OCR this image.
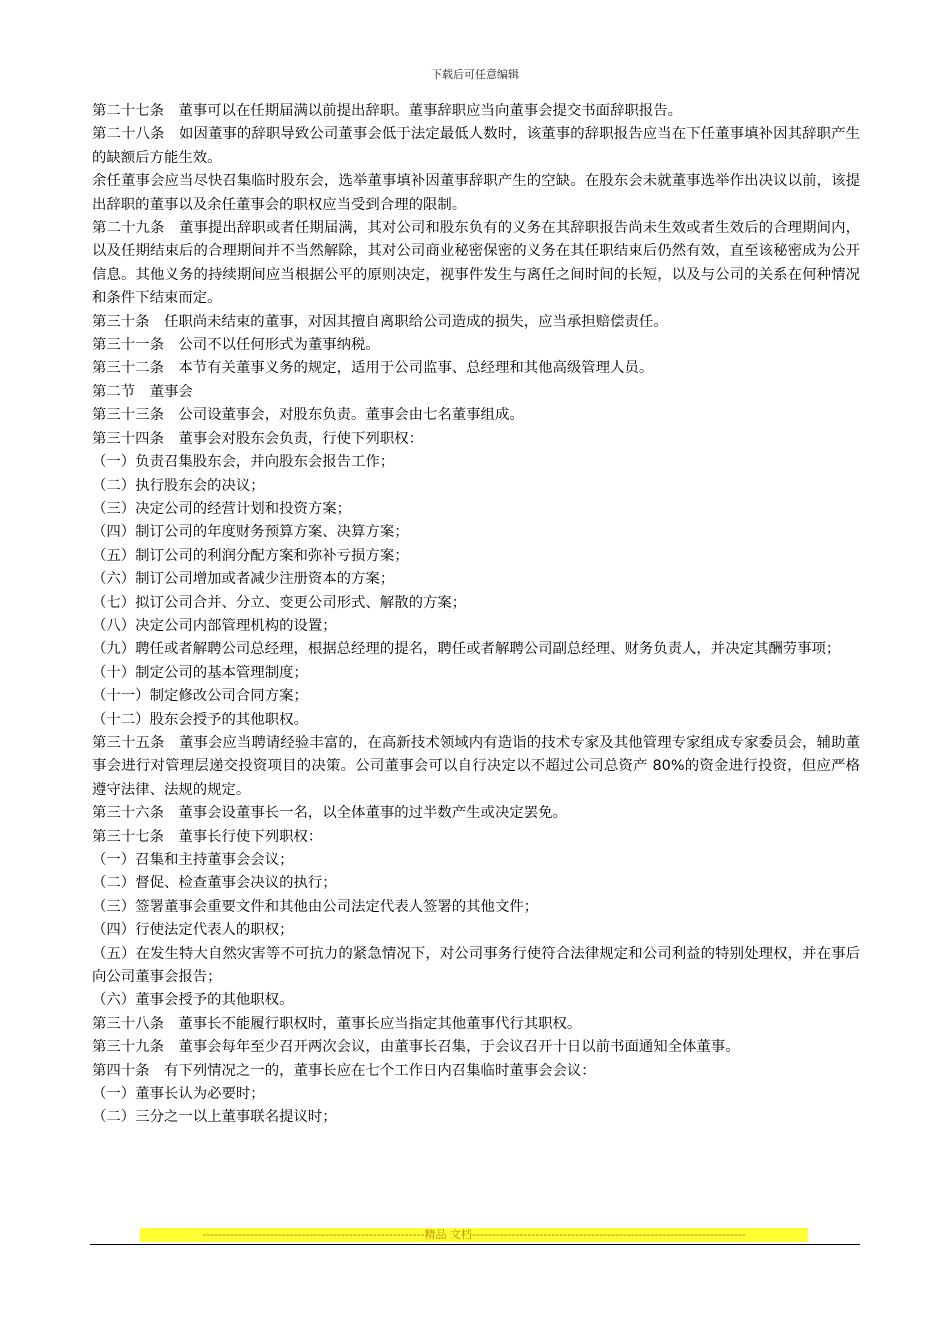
下载后可任意编辑

第二十七条　董事可以在任期届满以前提出辞职。董事辞职应当向董事会提交书面辞职报告。

第二十八条　如因董事的辞职导致公司董事会低于法定最低人数时，该董事的辞职报告应当在下任董事填补因其辞职产生的缺额后方能生效。

余任董事会应当尽快召集临时股东会，选举董事填补因董事辞职产生的空缺。在股东会未就董事选举作出决议以前，该提出辞职的董事以及余任董事会的职权应当受到合理的限制。

第二十九条　董事提出辞职或者任期届满，其对公司和股东负有的义务在其辞职报告尚未生效或者生效后的合理期间内，以及任期结束后的合理期间并不当然解除，其对公司商业秘密保密的义务在其任职结束后仍然有效，直至该秘密成为公开信息。其他义务的持续期间应当根据公平的原则决定，视事件发生与离任之间时间的长短，以及与公司的关系在何种情况和条件下结束而定。

第三十条　任职尚未结束的董事，对因其擅自离职给公司造成的损失，应当承担赔偿责任。

第三十一条　公司不以任何形式为董事纳税。

第三十二条　本节有关董事义务的规定，适用于公司监事、总经理和其他高级管理人员。

第二节　董事会

第三十三条　公司设董事会，对股东负责。董事会由七名董事组成。

第三十四条　董事会对股东会负责，行使下列职权：

（一）负责召集股东会，并向股东会报告工作；

（二）执行股东会的决议；

（三）决定公司的经营计划和投资方案；

（四）制订公司的年度财务预算方案、决算方案；

（五）制订公司的利润分配方案和弥补亏损方案；

（六）制订公司增加或者减少注册资本的方案；

（七）拟订公司合并、分立、变更公司形式、解散的方案；

（八）决定公司内部管理机构的设置；

（九）聘任或者解聘公司总经理，根据总经理的提名，聘任或者解聘公司副总经理、财务负责人，并决定其酬劳事项；

（十）制定公司的基本管理制度；

（十一）制定修改公司合同方案；

（十二）股东会授予的其他职权。

第三十五条　董事会应当聘请经验丰富的，在高新技术领域内有造诣的技术专家及其他管理专家组成专家委员会，辅助董事会进行对管理层递交投资项目的决策。公司董事会可以自行决定以不超过公司总资产 80%的资金进行投资，但应严格遵守法律、法规的规定。

第三十六条　董事会设董事长一名，以全体董事的过半数产生或决定罢免。

第三十七条　董事长行使下列职权：

（一）召集和主持董事会会议；

（二）督促、检查董事会决议的执行；

（三）签署董事会重要文件和其他由公司法定代表人签署的其他文件；

（四）行使法定代表人的职权；

（五）在发生特大自然灾害等不可抗力的紧急情况下，对公司事务行使符合法律规定和公司利益的特别处理权，并在事后向公司董事会报告；

（六）董事会授予的其他职权。

第三十八条　董事长不能履行职权时，董事长应当指定其他董事代行其职权。

第三十九条　董事会每年至少召开两次会议，由董事长召集，于会议召开十日以前书面通知全体董事。

第四十条　有下列情况之一的，董事长应在七个工作日内召集临时董事会会议：

（一）董事长认为必要时；

（二）三分之一以上董事联名提议时；

--------------------------------------------------------精品 文档---------------------------------------------------------------------
